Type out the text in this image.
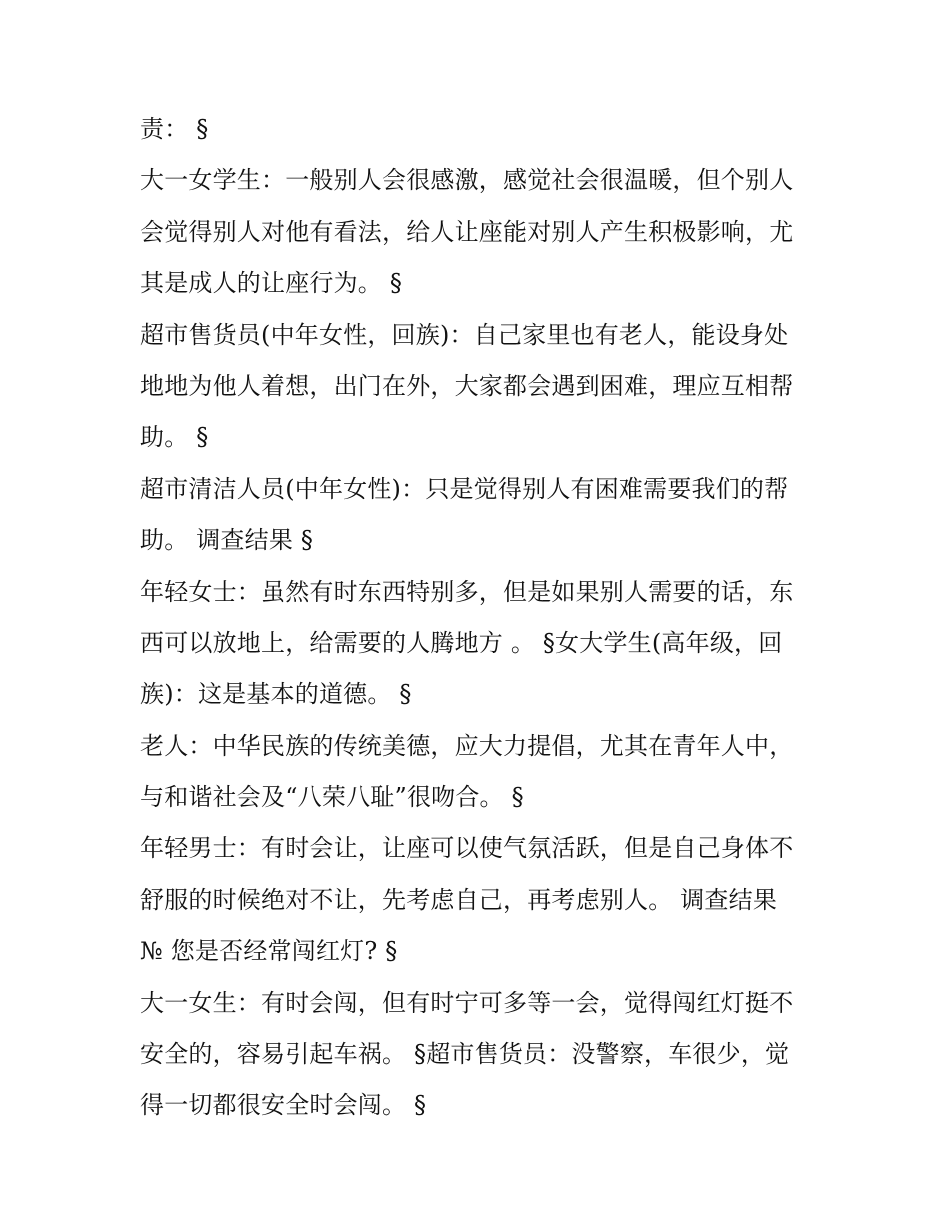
责： §
大一女学生：一般别人会很感激，感觉社会很温暖，但个别人
会觉得别人对他有看法，给人让座能对别人产生积极影响，尤
其是成人的让座行为。 §
超市售货员(中年女性，回族)：自己家里也有老人，能设身处
地地为他人着想，出门在外，大家都会遇到困难，理应互相帮
助。 §
超市清洁人员(中年女性)：只是觉得别人有困难需要我们的帮
助。 调查结果 §
年轻女士：虽然有时东西特别多，但是如果别人需要的话，东
西可以放地上，给需要的人腾地方 。 §女大学生(高年级，回
族)：这是基本的道德。 §
老人：中华民族的传统美德，应大力提倡，尤其在青年人中，
与和谐社会及“八荣八耻”很吻合。 §
年轻男士：有时会让，让座可以使气氛活跃，但是自己身体不
舒服的时候绝对不让，先考虑自己，再考虑别人。 调查结果
№ 您是否经常闯红灯? §
大一女生：有时会闯，但有时宁可多等一会，觉得闯红灯挺不
安全的，容易引起车祸。 §超市售货员：没警察，车很少，觉
得一切都很安全时会闯。 §
